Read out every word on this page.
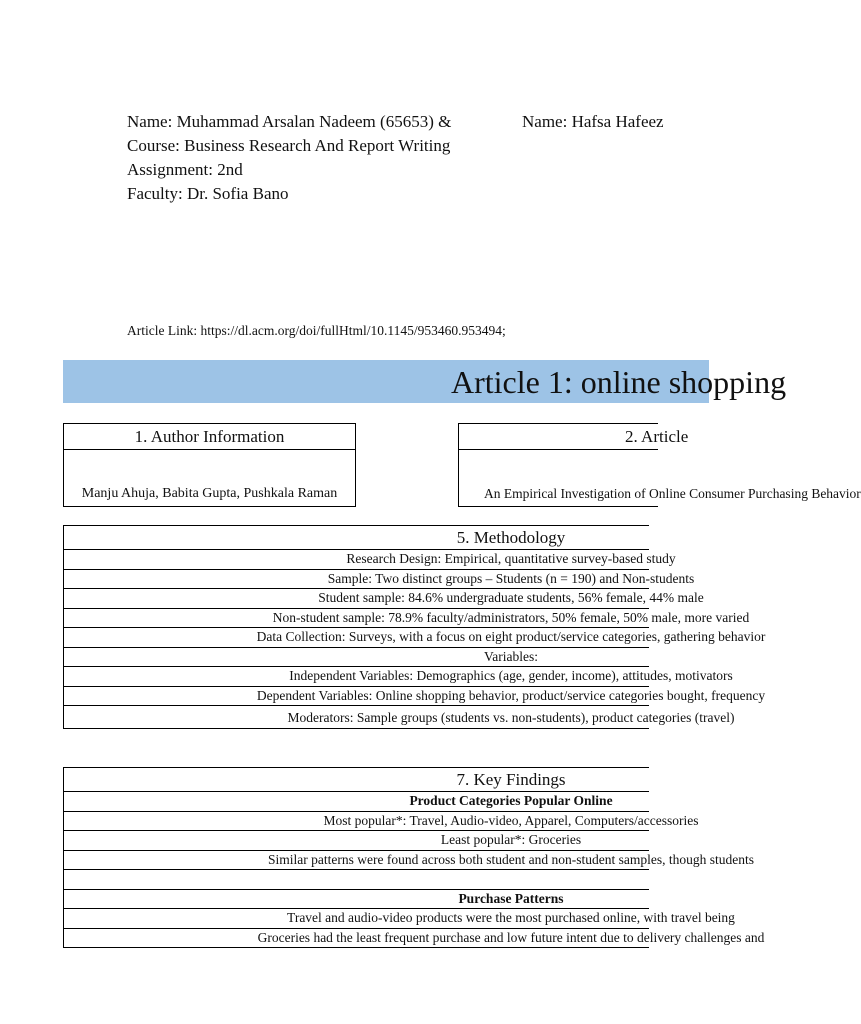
Name: Muhammad Arsalan Nadeem (65653) &
Course: Business Research And Report Writing
Assignment: 2nd
Faculty: Dr. Sofia Bano
Name: Hafsa Hafeez
Article Link: https://dl.acm.org/doi/fullHtml/10.1145/953460.953494;
Article 1: online shopping
1. Author Information
Manju Ahuja, Babita Gupta, Pushkala Raman
2. Article
An Empirical Investigation of Online Consumer Purchasing Behavior
5. Methodology
Research Design: Empirical, quantitative survey-based study
Sample: Two distinct groups – Students (n = 190) and Non-students
Student sample: 84.6% undergraduate students, 56% female, 44% male
Non-student sample: 78.9% faculty/administrators, 50% female, 50% male, more varied
Data Collection: Surveys, with a focus on eight product/service categories, gathering behavior
Variables:
Independent Variables: Demographics (age, gender, income), attitudes, motivators
Dependent Variables: Online shopping behavior, product/service categories bought, frequency
Moderators: Sample groups (students vs. non-students), product categories (travel)
7. Key Findings
Product Categories Popular Online
Most popular*: Travel, Audio-video, Apparel, Computers/accessories
Least popular*: Groceries
Similar patterns were found across both student and non-student samples, though students
Purchase Patterns
Travel and audio-video products were the most purchased online, with travel being
Groceries had the least frequent purchase and low future intent due to delivery challenges and
